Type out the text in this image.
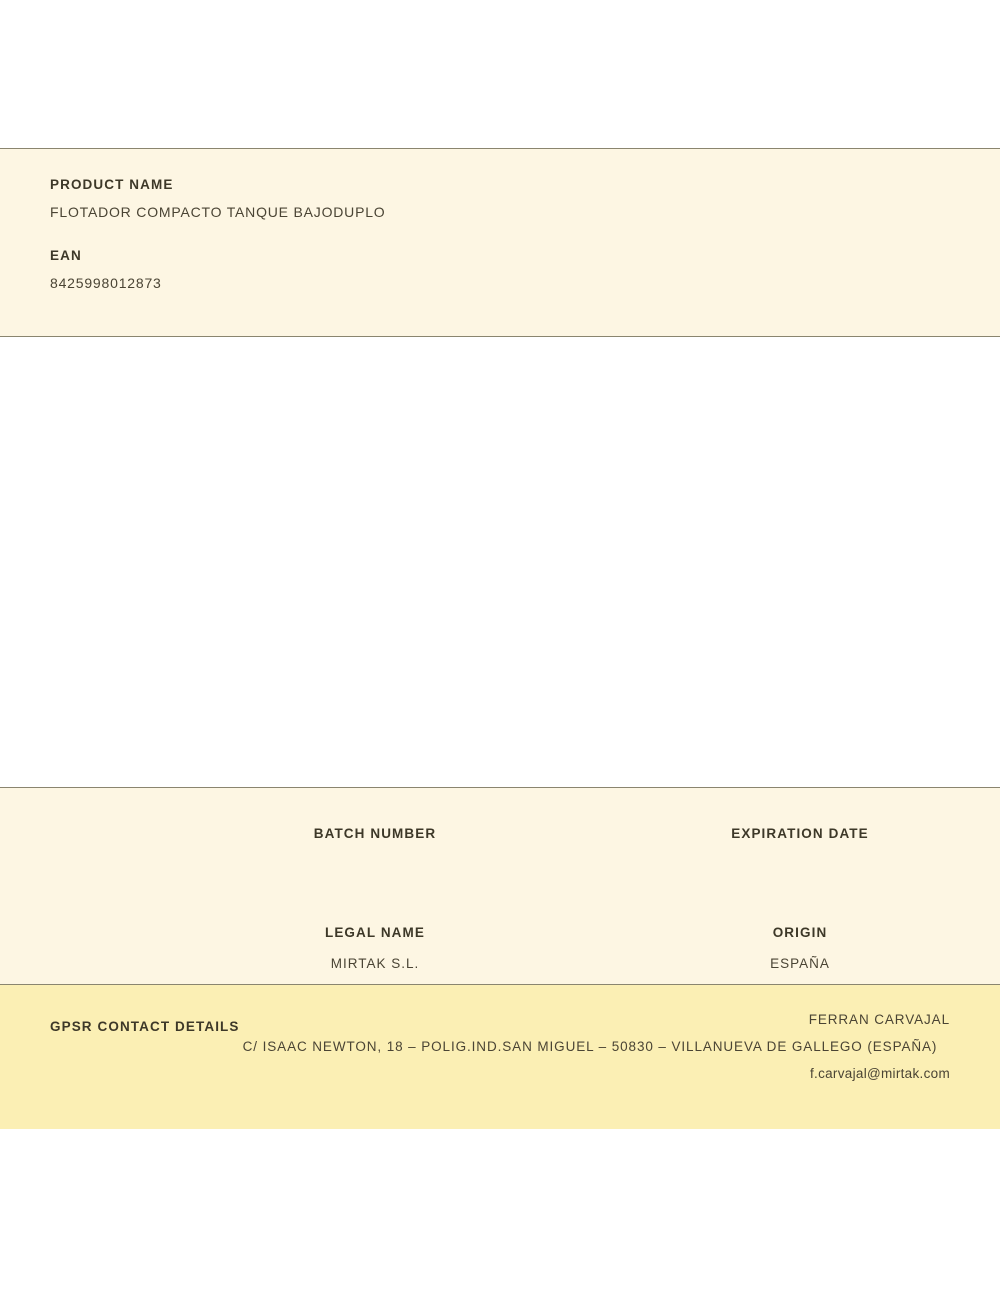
PRODUCT NAME
FLOTADOR COMPACTO TANQUE BAJODUPLO
EAN
8425998012873
BATCH NUMBER	EXPIRATION DATE
LEGAL NAME
MIRTAK S.L.
ORIGIN
ESPAÑA
GPSR CONTACT DETAILS	FERRAN CARVAJAL
C/ ISAAC NEWTON, 18 – POLIG.IND.SAN MIGUEL – 50830 – VILLANUEVA DE GALLEGO (ESPAÑA)
f.carvajal@mirtak.com
